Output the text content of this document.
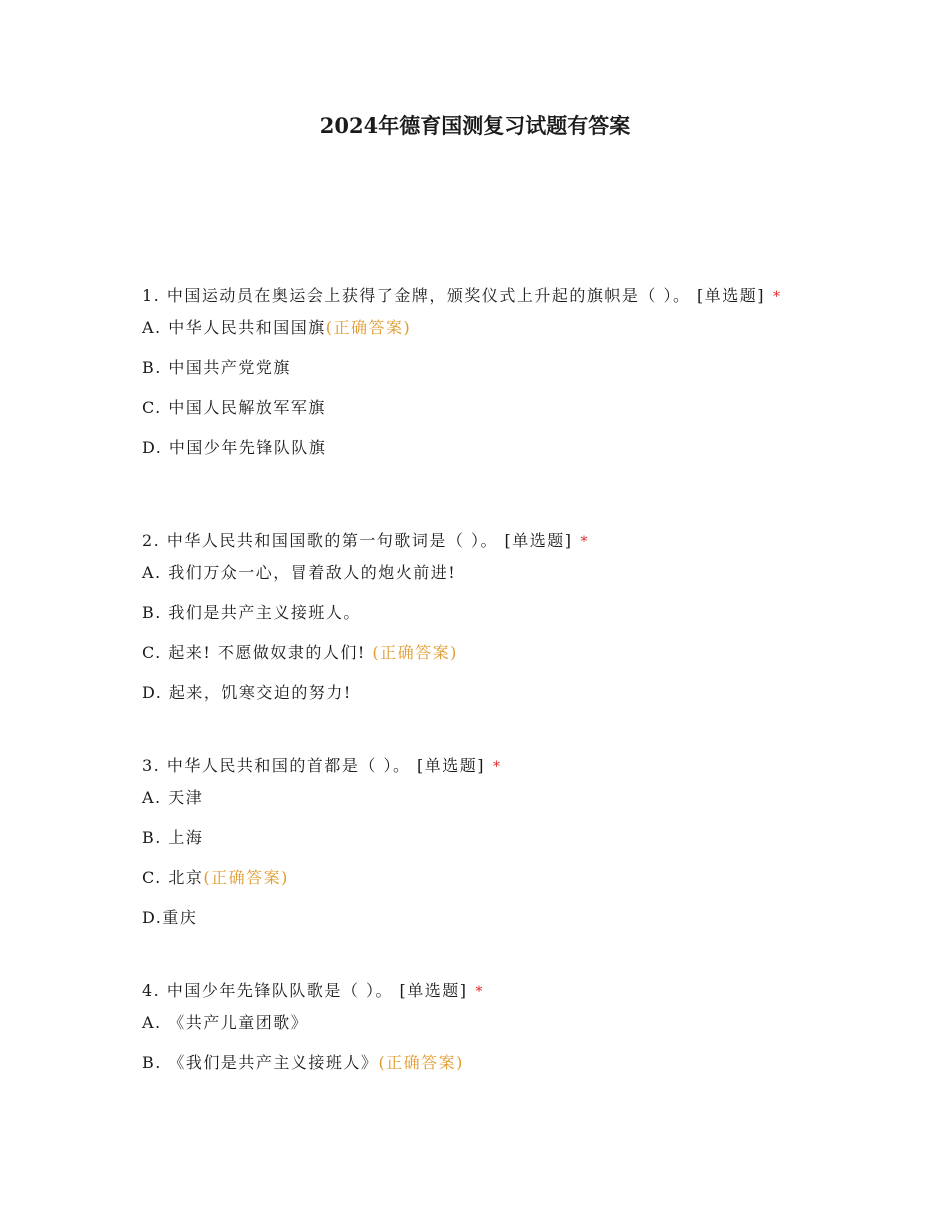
2024年德育国测复习试题有答案

1. 中国运动员在奥运会上获得了金牌，颁奖仪式上升起的旗帜是（ ）。 [单选题] *

A. 中华人民共和国国旗(正确答案)

B. 中国共产党党旗

C. 中国人民解放军军旗

D. 中国少年先锋队队旗

2. 中华人民共和国国歌的第一句歌词是（ ）。 [单选题] *

A. 我们万众一心，冒着敌人的炮火前进!

B. 我们是共产主义接班人。

C. 起来! 不愿做奴隶的人们! (正确答案)

D. 起来，饥寒交迫的努力!

3. 中华人民共和国的首都是（ ）。 [单选题] *

A. 天津

B. 上海

C. 北京(正确答案)

D.重庆

4. 中国少年先锋队队歌是（ ）。 [单选题] *

A. 《共产儿童团歌》

B. 《我们是共产主义接班人》(正确答案)
